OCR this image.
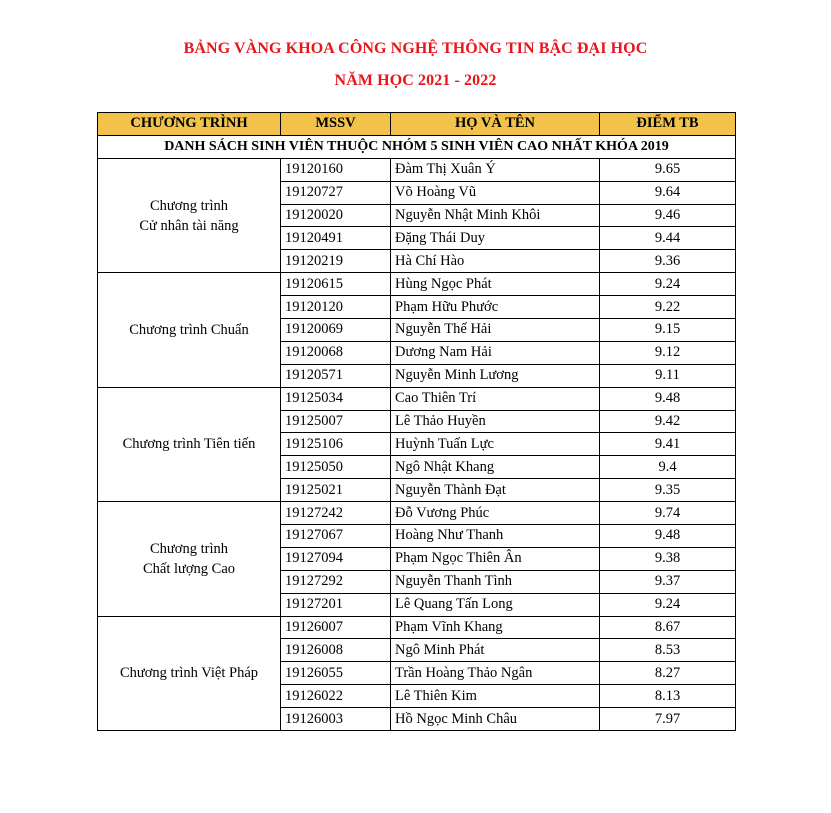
BẢNG VÀNG KHOA CÔNG NGHỆ THÔNG TIN BẬC ĐẠI HỌC
NĂM HỌC 2021 - 2022
CHƯƠNG TRÌNH	MSSV	HỌ VÀ TÊN	ĐIỂM TB
DANH SÁCH SINH VIÊN THUỘC NHÓM 5 SINH VIÊN CAO NHẤT KHÓA 2019			
Chương trình
Cử nhân tài năng	19120160	Đàm Thị Xuân Ý	9.65
	19120727	Võ Hoàng Vũ	9.64
	19120020	Nguyễn Nhật Minh Khôi	9.46
	19120491	Đặng Thái Duy	9.44
	19120219	Hà Chí Hào	9.36
Chương trình Chuẩn	19120615	Hùng Ngọc Phát	9.24
	19120120	Phạm Hữu Phước	9.22
	19120069	Nguyễn Thế Hải	9.15
	19120068	Dương Nam Hải	9.12
	19120571	Nguyễn Minh Lương	9.11
Chương trình Tiên tiến	19125034	Cao Thiên Trí	9.48
	19125007	Lê Thảo Huyền	9.42
	19125106	Huỳnh Tuấn Lực	9.41
	19125050	Ngô Nhật Khang	9.4
	19125021	Nguyễn Thành Đạt	9.35
Chương trình
Chất lượng Cao	19127242	Đỗ Vương Phúc	9.74
	19127067	Hoàng Như Thanh	9.48
	19127094	Phạm Ngọc Thiên Ân	9.38
	19127292	Nguyễn Thanh Tình	9.37
	19127201	Lê Quang Tấn Long	9.24
Chương trình Việt Pháp	19126007	Phạm Vĩnh Khang	8.67
	19126008	Ngô Minh Phát	8.53
	19126055	Trần Hoàng Thảo Ngân	8.27
	19126022	Lê Thiên Kim	8.13
	19126003	Hồ Ngọc Minh Châu	7.97
